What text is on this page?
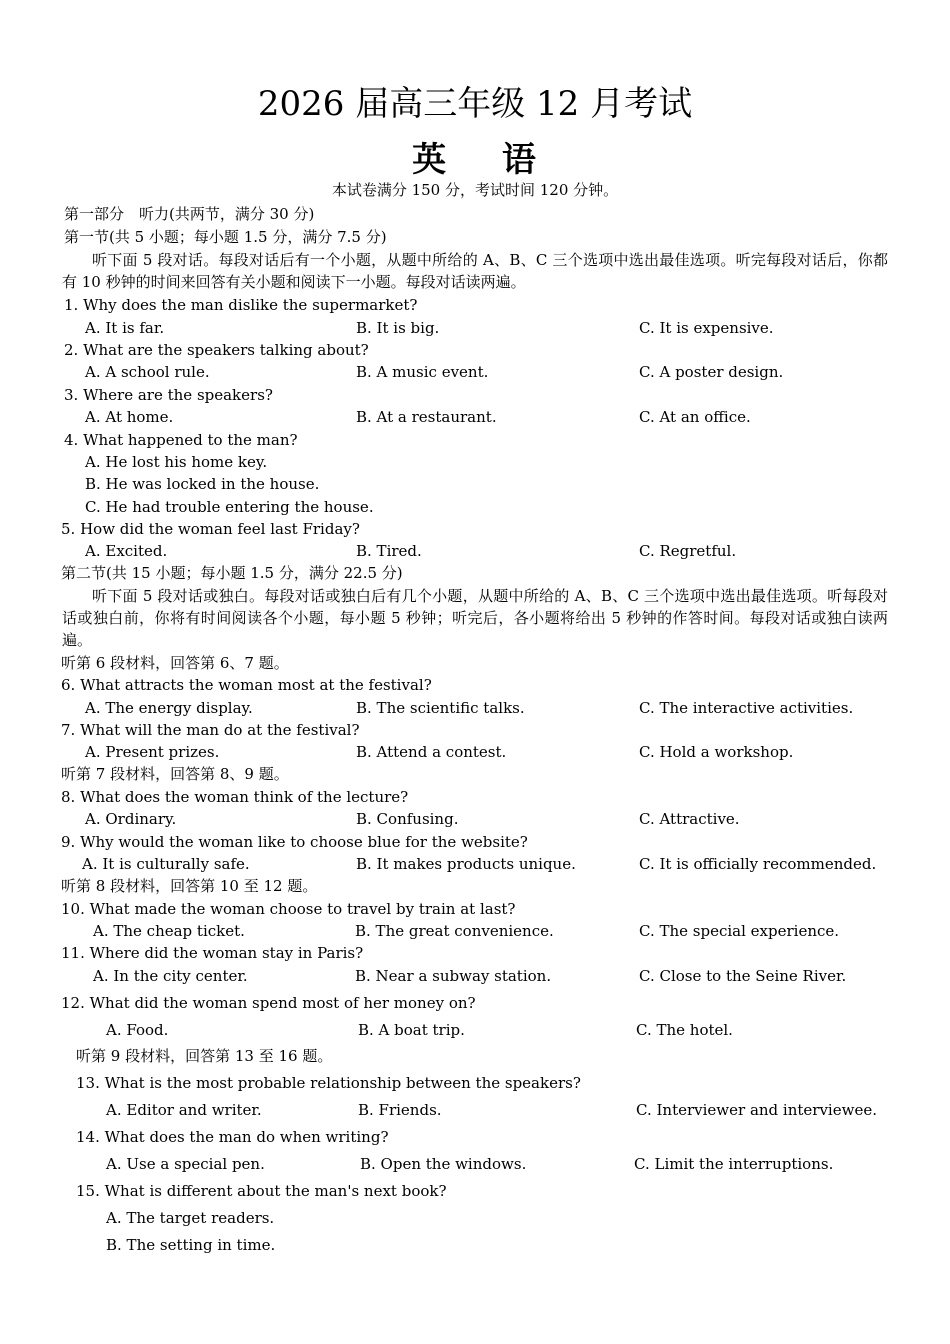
2026 届高三年级 12 月考试
英 语
本试卷满分 150 分，考试时间 120 分钟。
第一部分　听力(共两节，满分 30 分)
第一节(共 5 小题；每小题 1.5 分，满分 7.5 分)
听下面 5 段对话。每段对话后有一个小题，从题中所给的 A、B、C 三个选项中选出最佳选项。听完每段对话后，你都有 10 秒钟的时间来回答有关小题和阅读下一小题。每段对话读两遍。
1. Why does the man dislike the supermarket?
A. It is far.	B. It is big.	C. It is expensive.
2. What are the speakers talking about?
A. A school rule.	B. A music event.	C. A poster design.
3. Where are the speakers?
A. At home.	B. At a restaurant.	C. At an office.
4. What happened to the man?
A. He lost his home key.
B. He was locked in the house.
C. He had trouble entering the house.
5. How did the woman feel last Friday?
A. Excited.	B. Tired.	C. Regretful.
第二节(共 15 小题；每小题 1.5 分，满分 22.5 分)
听下面 5 段对话或独白。每段对话或独白后有几个小题，从题中所给的 A、B、C 三个选项中选出最佳选项。听每段对话或独白前，你将有时间阅读各个小题，每小题 5 秒钟；听完后，各小题将给出 5 秒钟的作答时间。每段对话或独白读两遍。
听第 6 段材料，回答第 6、7 题。
6. What attracts the woman most at the festival?
A. The energy display.	B. The scientific talks.	C. The interactive activities.
7. What will the man do at the festival?
A. Present prizes.	B. Attend a contest.	C. Hold a workshop.
听第 7 段材料，回答第 8、9 题。
8. What does the woman think of the lecture?
A. Ordinary.	B. Confusing.	C. Attractive.
9. Why would the woman like to choose blue for the website?
A. It is culturally safe.	B. It makes products unique.	C. It is officially recommended.
听第 8 段材料，回答第 10 至 12 题。
10. What made the woman choose to travel by train at last?
A. The cheap ticket.	B. The great convenience.	C. The special experience.
11. Where did the woman stay in Paris?
A. In the city center.	B. Near a subway station.	C. Close to the Seine River.
12. What did the woman spend most of her money on?
A. Food.	B. A boat trip.	C. The hotel.
听第 9 段材料，回答第 13 至 16 题。
13. What is the most probable relationship between the speakers?
A. Editor and writer.	B. Friends.	C. Interviewer and interviewee.
14. What does the man do when writing?
A. Use a special pen.	B. Open the windows.	C. Limit the interruptions.
15. What is different about the man's next book?
A. The target readers.
B. The setting in time.
